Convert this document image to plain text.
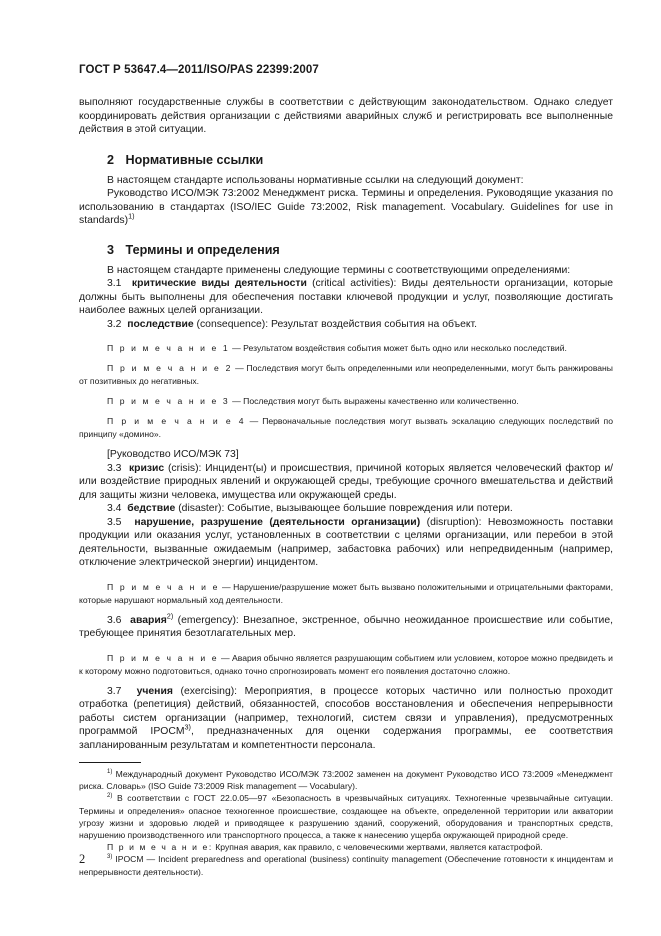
ГОСТ Р 53647.4—2011/ISO/PAS 22399:2007

выполняют государственные службы в соответствии с действующим законодательством. Однако следует координировать действия организации с действиями аварийных служб и регистрировать все выполненные действия в этой ситуации.

2 Нормативные ссылки

В настоящем стандарте использованы нормативные ссылки на следующий документ:

Руководство ИСО/МЭК 73:2002 Менеджмент риска. Термины и определения. Руководящие указания по использованию в стандартах (ISO/IEC Guide 73:2002, Risk management. Vocabulary. Guidelines for use in standards)$^{1)}$

3 Термины и определения

В настоящем стандарте применены следующие термины с соответствующими определениями:

3.1 критические виды деятельности (critical activities): Виды деятельности организации, которые должны быть выполнены для обеспечения поставки ключевой продукции и услуг, позволяющие достигать наиболее важных целей организации.

3.2 последствие (consequence): Результат воздействия события на объект.

П р и м е ч а н и е 1 — Результатом воздействия события может быть одно или несколько последствий.

П р и м е ч а н и е 2 — Последствия могут быть определенными или неопределенными, могут быть ранжированы от позитивных до негативных.

П р и м е ч а н и е 3 — Последствия могут быть выражены качественно или количественно.

П р и м е ч а н и е 4 — Первоначальные последствия могут вызвать эскалацию следующих последствий по принципу «домино».

[Руководство ИСО/МЭК 73]

3.3 кризис (crisis): Инцидент(ы) и происшествия, причиной которых является человеческий фактор и/или воздействие природных явлений и окружающей среды, требующие срочного вмешательства и действий для защиты жизни человека, имущества или окружающей среды.

3.4 бедствие (disaster): Событие, вызывающее большие повреждения или потери.

3.5 нарушение, разрушение (деятельности организации) (disruption): Невозможность поставки продукции или оказания услуг, установленных в соответствии с целями организации, или перебои в этой деятельности, вызванные ожидаемым (например, забастовка рабочих) или непредвиденным (например, отключение электрической энергии) инцидентом.

П р и м е ч а н и е — Нарушение/разрушение может быть вызвано положительными и отрицательными факторами, которые нарушают нормальный ход деятельности.

3.6 авария$^{2)}$ (emergency): Внезапное, экстренное, обычно неожиданное происшествие или событие, требующее принятия безотлагательных мер.

П р и м е ч а н и е — Авария обычно является разрушающим событием или условием, которое можно предвидеть и к которому можно подготовиться, однако точно спрогнозировать момент его появления достаточно сложно.

3.7 учения (exercising): Мероприятия, в процессе которых частично или полностью проходит отработка (репетиция) действий, обязанностей, способов восстановления и обеспечения непрерывности работы систем организации (например, технологий, систем связи и управления), предусмотренных программой IPOCM$^{3)}$, предназначенных для оценки содержания программы, ее соответствия запланированным результатам и компетентности персонала.

$^{1)}$ Международный документ Руководство ИСО/МЭК 73:2002 заменен на документ Руководство ИСО 73:2009 «Менеджмент риска. Словарь» (ISO Guide 73:2009 Risk management — Vocabulary).

$^{2)}$ В соответствии с ГОСТ 22.0.05—97 «Безопасность в чрезвычайных ситуациях. Техногенные чрезвычайные ситуации. Термины и определения» опасное техногенное происшествие, создающее на объекте, определенной территории или акватории угрозу жизни и здоровью людей и приводящее к разрушению зданий, сооружений, оборудования и транспортных средств, нарушению производственного или транспортного процесса, а также к нанесению ущерба окружающей природной среде.

П р и м е ч а н и е: Крупная авария, как правило, с человеческими жертвами, является катастрофой.

$^{3)}$ IPOCM — Incident preparedness and operational (business) continuity management (Обеспечение готовности к инцидентам и непрерывности деятельности).

2
